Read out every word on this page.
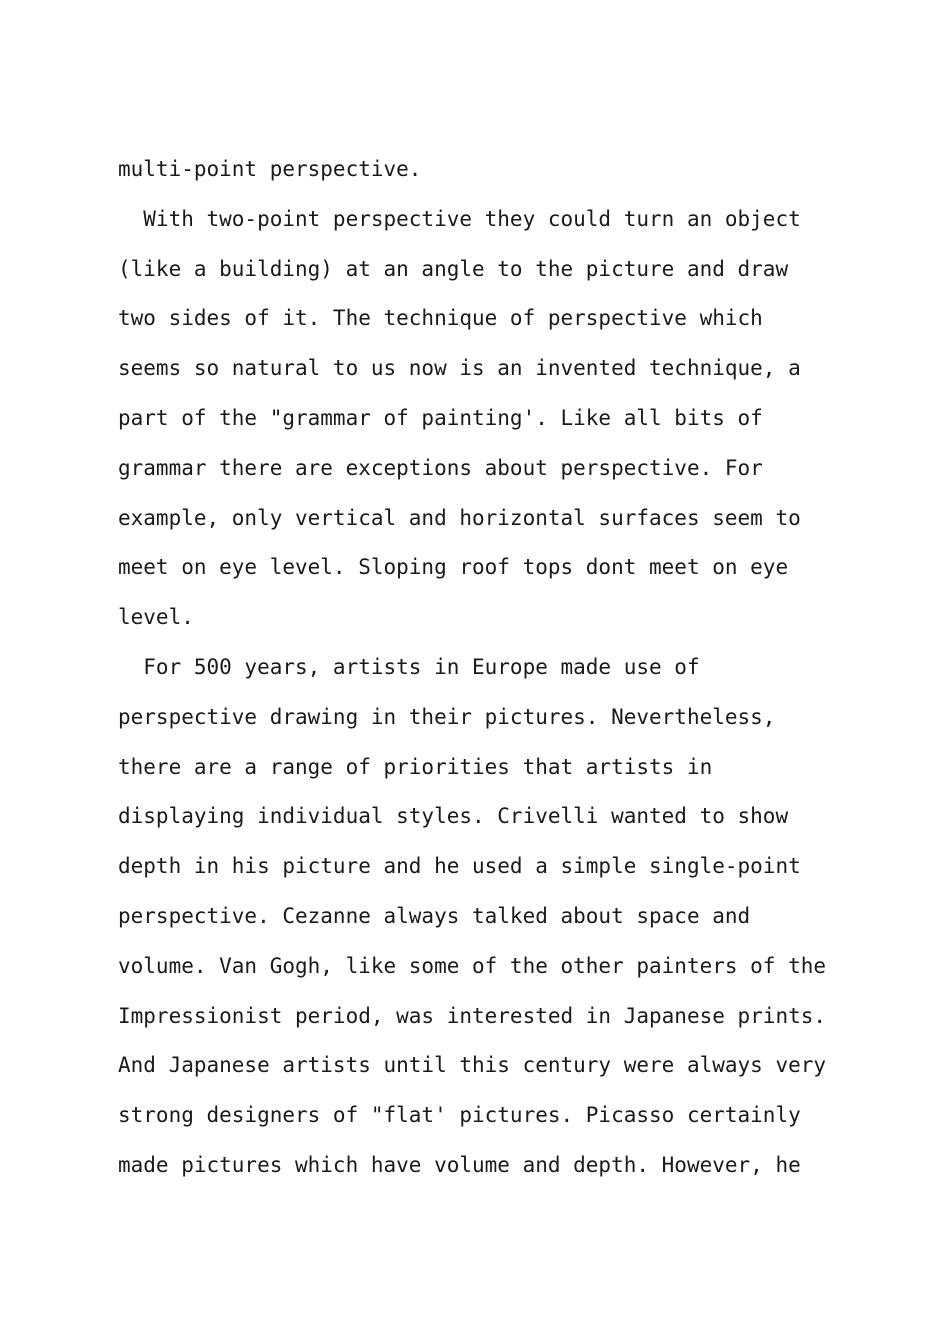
multi-point perspective.
With two-point perspective they could turn an object
(like a building) at an angle to the picture and draw
two sides of it. The technique of perspective which
seems so natural to us now is an invented technique, a
part of the "grammar of painting'. Like all bits of
grammar there are exceptions about perspective. For
example, only vertical and horizontal surfaces seem to
meet on eye level. Sloping roof tops dont meet on eye
level.
For 500 years, artists in Europe made use of
perspective drawing in their pictures. Nevertheless,
there are a range of priorities that artists in
displaying individual styles. Crivelli wanted to show
depth in his picture and he used a simple single-point
perspective. Cezanne always talked about space and
volume. Van Gogh, like some of the other painters of the
Impressionist period, was interested in Japanese prints.
And Japanese artists until this century were always very
strong designers of "flat' pictures. Picasso certainly
made pictures which have volume and depth. However, he
